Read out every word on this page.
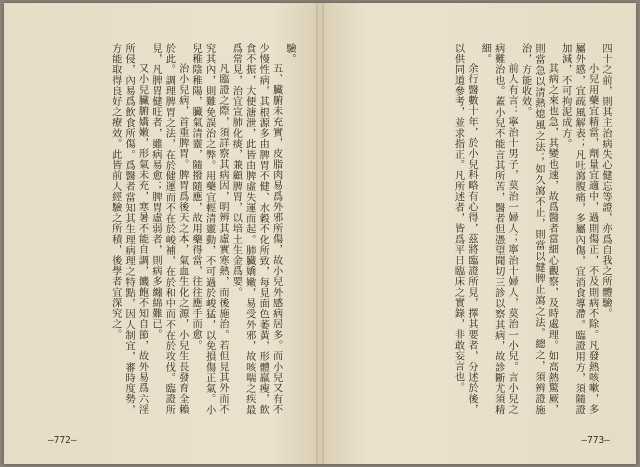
驗。

五、臟腑未充實，皮脂肉易爲外邪所傷，故小兒外感病居多。而小兒又有不少慢性病，其根源多由脾胃不健、水穀不化所致，每見面色萎黃，形體羸瘦，飲食不振，大便溏泄，此皆由脾虛失運而起。肺臟嬌嫩，易受外邪，故咳喘之疾最爲常見，治宜宣肺化痰，兼顧脾胃，以培土生金爲要。

凡臨證之際，須詳察其病因，明辨其虛實寒熱，而後施治。若但見其外而不究其內，則難免誤治之弊。用藥宜輕清靈動，不可過於峻猛，以免損傷正氣。小兒稚陰稚陽，臟氣清靈，隨撥隨應，故用藥得當，往往應手而愈。

治小兒病，首重脾胃。脾胃爲後天之本，氣血生化之源，小兒生長發育全賴於此。調理脾胃之法，在於健運而不在於峻補，在於和中而不在於攻伐。臨證所見，凡脾胃健旺者，雖病易愈；脾胃虛弱者，則病多纏綿難已。

又小兒臟腑嬌嫩，形氣未充，寒暑不能自調，饑飽不知自節，故外易爲六淫所侵，內易爲飲食所傷。爲醫者當知其生理病理之特點，因人制宜，審時度勢，方能取得良好之療效。此皆前人經驗之所積，後學者宜深究之。

—772—

四十之前，則其主治病失心健忘等證，亦爲自我之所體驗。

小兒用藥宜精當，劑量宜適中，過則傷正，不及則病不除。凡發熱咳嗽，多屬外感，宜疏風解表；凡吐瀉腹痛，多屬內傷，宜消食導滯。臨證用方，須隨證加減，不可拘泥成方。

其病之來也急，其變也速，故爲醫者當細心觀察，及時處理。如高熱驚厥，則當急以清熱熄風之法；如久瀉不止，則當以健脾止瀉之法。總之，須辨證施治，方能收效。

前人有言：寧治十男子，莫治一婦人；寧治十婦人，莫治一小兒。言小兒之病難治也。蓋小兒不能言其所苦，醫者但憑望聞切三診以察其病，故診斷尤須精細。

余行醫數十年，於小兒科略有心得，茲將臨證所見，擇其要者，分述於後，以供同道參考，並求指正。凡所述者，皆爲平日臨床之實錄，非敢妄言也。

—773—
